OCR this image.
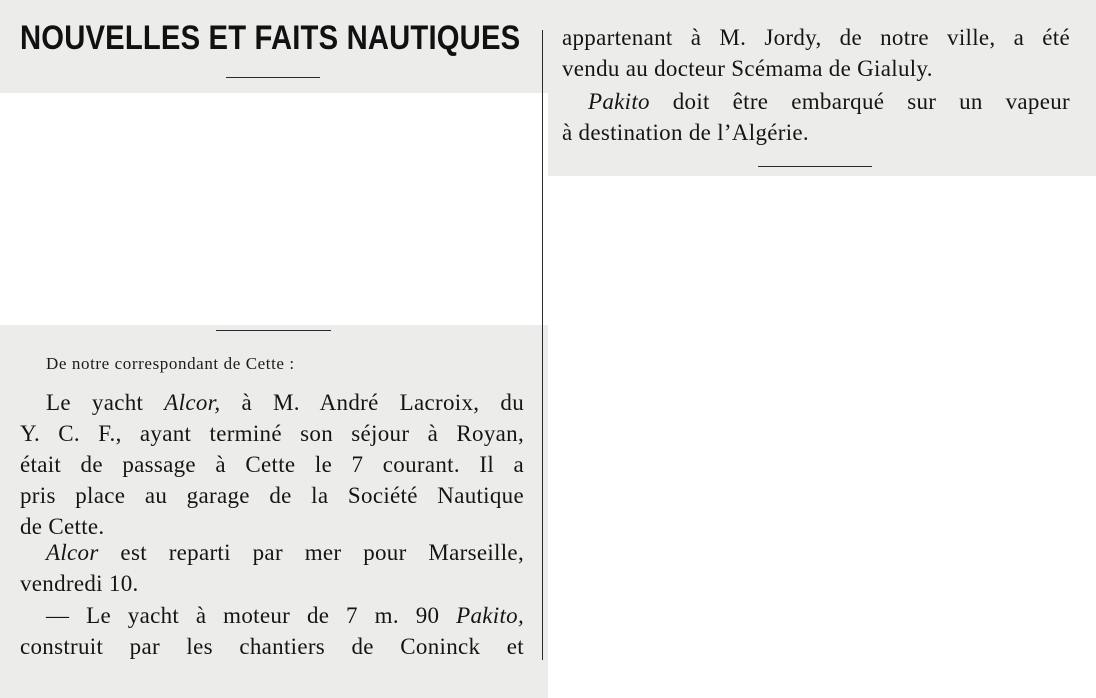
NOUVELLES ET FAITS NAUTIQUES

De notre correspondant de Cette :

Le yacht Alcor, à M. André Lacroix, du
Y. C. F., ayant terminé son séjour à Royan,
était de passage à Cette le 7 courant. Il a
pris place au garage de la Société Nautique
de Cette.
Alcor est reparti par mer pour Marseille,
vendredi 10.
— Le yacht à moteur de 7 m. 90 Pakito,
construit par les chantiers de Coninck et
appartenant à M. Jordy, de notre ville, a été
vendu au docteur Scémama de Gialuly.
Pakito doit être embarqué sur un vapeur
à destination de l’Algérie.
